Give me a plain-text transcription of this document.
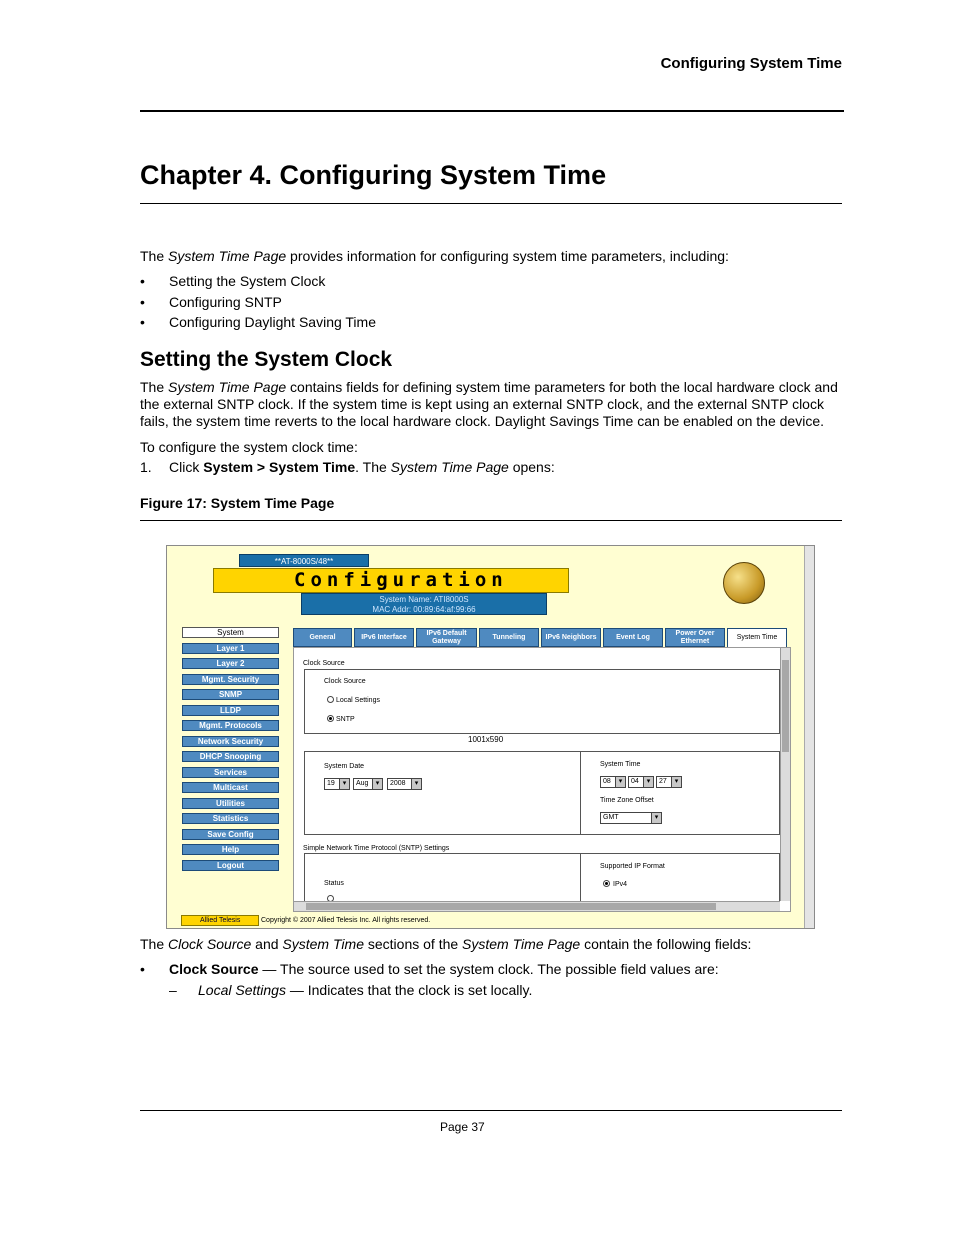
Configuring System Time
Chapter 4. Configuring System Time
The System Time Page provides information for configuring system time parameters, including:
• Setting the System Clock
• Configuring SNTP
• Configuring Daylight Saving Time
Setting the System Clock
The System Time Page contains fields for defining system time parameters for both the local hardware clock and the external SNTP clock. If the system time is kept using an external SNTP clock, and the external SNTP clock fails, the system time reverts to the local hardware clock. Daylight Savings Time can be enabled on the device.
To configure the system clock time:
1. Click System > System Time. The System Time Page opens:
Figure 17: System Time Page
**AT-8000S/48**
Configuration
System Name: ATI8000S
MAC Addr: 00:89:64:af:99:66
System
Layer 1
Layer 2
Mgmt. Security
SNMP
LLDP
Mgmt. Protocols
Network Security
DHCP Snooping
Services
Multicast
Utilities
Statistics
Save Config
Help
Logout
General	IPv6 Interface
IPv6 Default Gateway
Tunneling	IPv6 Neighbors	Event Log
Power Over Ethernet	System Time
Clock Source
Clock Source
Local Settings
SNTP
1001x590
System Date
19 ▾	Aug ▾	2008 ▾
System Time
08 ▾	04 ▾	27 ▾
Time Zone Offset
GMT ▾
Simple Network Time Protocol (SNTP) Settings
Status
Supported IP Format
IPv4
Allied Telesis	Copyright © 2007 Allied Telesis Inc. All rights reserved.
The Clock Source and System Time sections of the System Time Page contain the following fields:
• Clock Source — The source used to set the system clock. The possible field values are:
– Local Settings — Indicates that the clock is set locally.
Page 37
